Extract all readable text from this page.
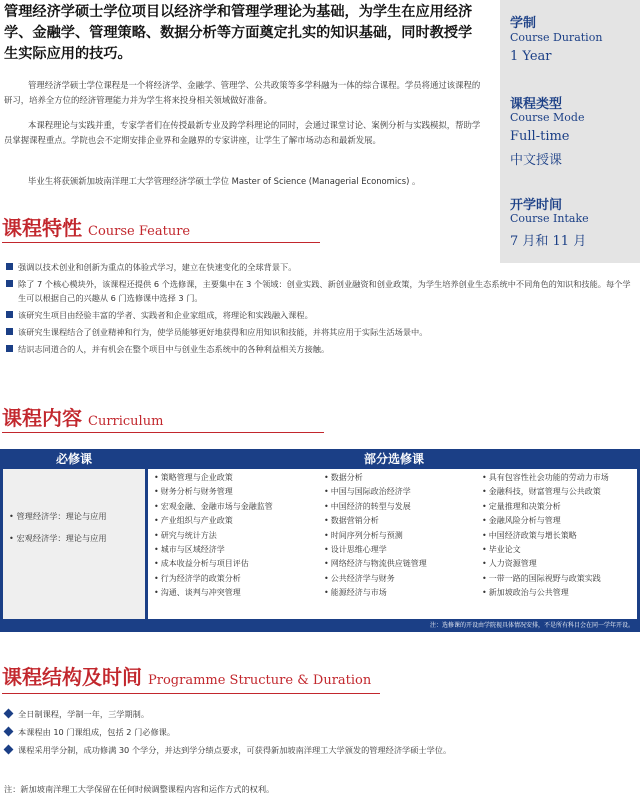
管理经济学硕士学位项目以经济学和管理学理论为基础，为学生在应用经济学、金融学、管理策略、数据分析等方面奠定扎实的知识基础，同时教授学生实际应用的技巧。
管理经济学硕士学位课程是一个将经济学、金融学、管理学、公共政策等多学科融为一体的综合课程。学员将通过该课程的研习，培养全方位的经济管理能力并为学生将来投身相关领域做好准备。
本课程理论与实践并重，专家学者们在传授最新专业及跨学科理论的同时，会通过课堂讨论、案例分析与实践模拟，帮助学员掌握课程重点。学院也会不定期安排企业界和金融界的专家讲座，让学生了解市场动态和最新发展。
毕业生将获颁新加坡南洋理工大学管理经济学硕士学位 Master of Science (Managerial Economics) 。
学制
Course Duration
1 Year
课程类型
Course Mode
Full-time
中文授课
开学时间
Course Intake
7 月和 11 月
课程特性 Course Feature
强调以技术创业和创新为重点的体验式学习，建立在快速变化的全球背景下。
除了 7 个核心模块外，该课程还提供 6 个选修课，主要集中在 3 个领域：创业实践、新创业融资和创业政策，为学生培养创业生态系统中不同角色的知识和技能。每个学生可以根据自己的兴趣从 6 门选修课中选择 3 门。
该研究生项目由经验丰富的学者、实践者和企业家组成，将理论和实践融入课程。
该研究生课程结合了创业精神和行为，使学员能够更好地获得和应用知识和技能，并将其应用于实际生活场景中。
结识志同道合的人，并有机会在整个项目中与创业生态系统中的各种利益相关方接触。
课程内容 Curriculum
必修课	部分选修课
• 管理经济学：理论与应用
• 宏观经济学：理论与应用
• 策略管理与企业政策
• 财务分析与财务管理
• 宏观金融、金融市场与金融监管
• 产业组织与产业政策
• 研究与统计方法
• 城市与区域经济学
• 成本收益分析与项目评估
• 行为经济学的政策分析
• 沟通、谈判与冲突管理
• 数据分析
• 中国与国际政治经济学
• 中国经济的转型与发展
• 数据营销分析
• 时间序列分析与预测
• 设计思维心理学
• 网络经济与物流供应链管理
• 公共经济学与财务
• 能源经济与市场
• 具有包容性社会功能的劳动力市场
• 金融科技，财富管理与公共政策
• 定量推理和决策分析
• 金融风险分析与管理
• 中国经济政策与增长策略
• 毕业论文
• 人力资源管理
• 一带一路的国际视野与政策实践
• 新加坡政治与公共管理
注：选修课的开设由学院视具体情况安排，不是所有科目会在同一学年开设。
课程结构及时间 Programme Structure & Duration
全日制课程，学制一年，三学期制。
本课程由 10 门课组成，包括 2 门必修课。
课程采用学分制，成功修满 30 个学分，并达到学分绩点要求，可获得新加坡南洋理工大学颁发的管理经济学硕士学位。
注：新加坡南洋理工大学保留在任何时候调整课程内容和运作方式的权利。
